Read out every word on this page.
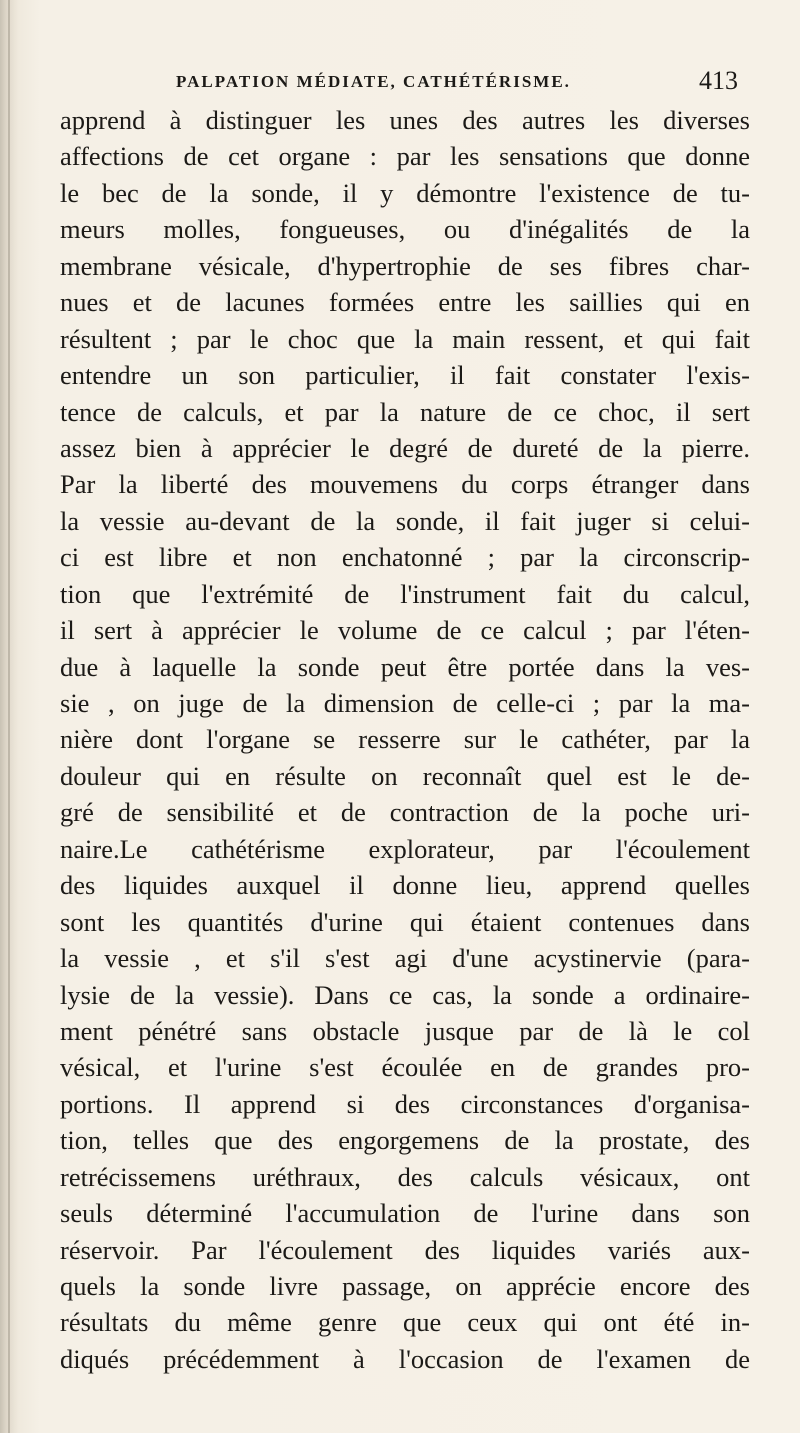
PALPATION MÉDIATE, CATHÉTÉRISME.	413
apprend à distinguer les unes des autres les diverses
affections de cet organe : par les sensations que donne
le bec de la sonde, il y démontre l'existence de tu-
meurs molles, fongueuses, ou d'inégalités de la
membrane vésicale, d'hypertrophie de ses fibres char-
nues et de lacunes formées entre les saillies qui en
résultent ; par le choc que la main ressent, et qui fait
entendre un son particulier, il fait constater l'exis-
tence de calculs, et par la nature de ce choc, il sert
assez bien à apprécier le degré de dureté de la pierre.
Par la liberté des mouvemens du corps étranger dans
la vessie au-devant de la sonde, il fait juger si celui-
ci est libre et non enchatonné ; par la circonscrip-
tion que l'extrémité de l'instrument fait du calcul,
il sert à apprécier le volume de ce calcul ; par l'éten-
due à laquelle la sonde peut être portée dans la ves-
sie , on juge de la dimension de celle-ci ; par la ma-
nière dont l'organe se resserre sur le cathéter, par la
douleur qui en résulte on reconnaît quel est le de-
gré de sensibilité et de contraction de la poche uri-
naire.Le cathétérisme explorateur, par l'écoulement
des liquides auxquel il donne lieu, apprend quelles
sont les quantités d'urine qui étaient contenues dans
la vessie , et s'il s'est agi d'une acystinervie (para-
lysie de la vessie). Dans ce cas, la sonde a ordinaire-
ment pénétré sans obstacle jusque par de là le col
vésical, et l'urine s'est écoulée en de grandes pro-
portions. Il apprend si des circonstances d'organisa-
tion, telles que des engorgemens de la prostate, des
retrécissemens uréthraux, des calculs vésicaux, ont
seuls déterminé l'accumulation de l'urine dans son
réservoir. Par l'écoulement des liquides variés aux-
quels la sonde livre passage, on apprécie encore des
résultats du même genre que ceux qui ont été in-
diqués précédemment à l'occasion de l'examen de
